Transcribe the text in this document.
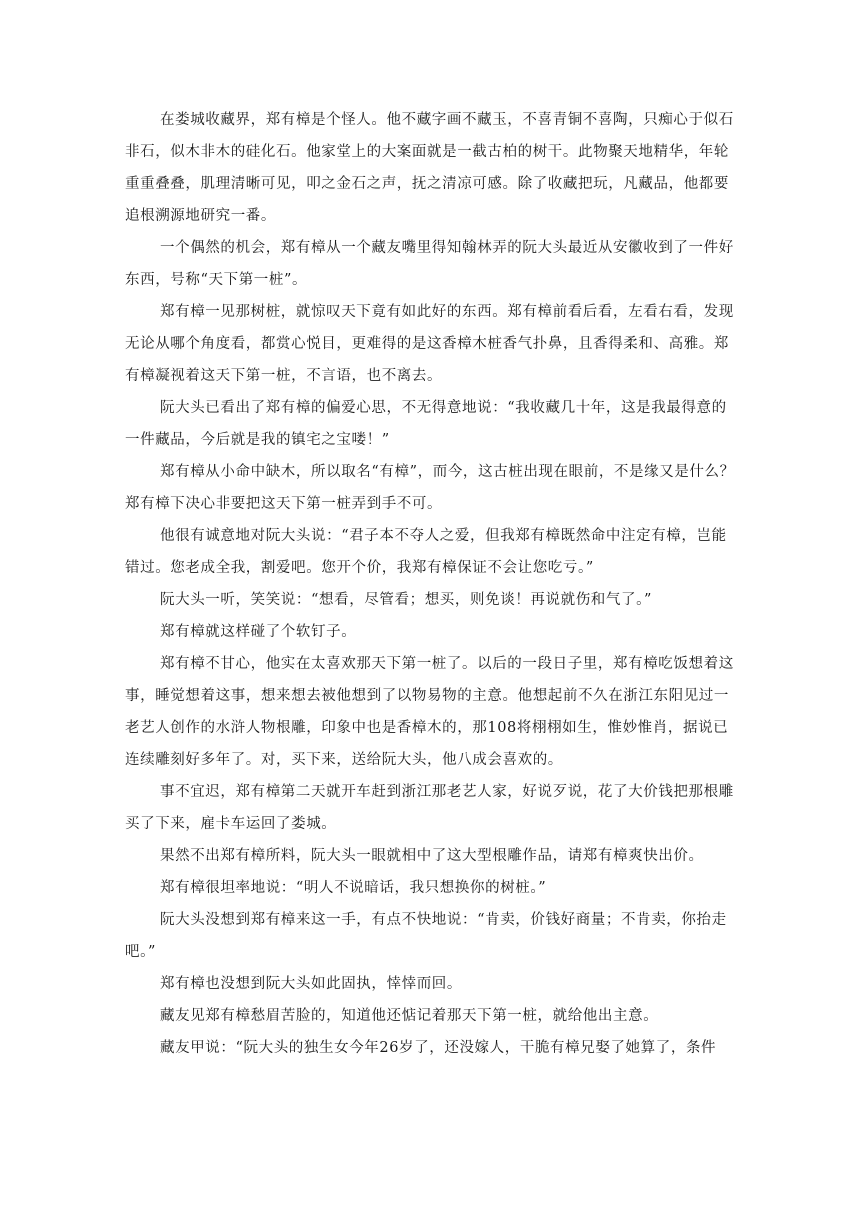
在娄城收藏界，郑有樟是个怪人。他不藏字画不藏玉，不喜青铜不喜陶，只痴心于似石
非石，似木非木的硅化石。他家堂上的大案面就是一截古柏的树干。此物聚天地精华，年轮
重重叠叠，肌理清晰可见，叩之金石之声，抚之清凉可感。除了收藏把玩，凡藏品，他都要
追根溯源地研究一番。
一个偶然的机会，郑有樟从一个藏友嘴里得知翰林弄的阮大头最近从安徽收到了一件好
东西，号称“天下第一桩”。
郑有樟一见那树桩，就惊叹天下竟有如此好的东西。郑有樟前看后看，左看右看，发现
无论从哪个角度看，都赏心悦目，更难得的是这香樟木桩香气扑鼻，且香得柔和、高雅。郑
有樟凝视着这天下第一桩，不言语，也不离去。
阮大头已看出了郑有樟的偏爱心思，不无得意地说：“我收藏几十年，这是我最得意的
一件藏品，今后就是我的镇宅之宝喽！”
郑有樟从小命中缺木，所以取名“有樟”，而今，这古桩出现在眼前，不是缘又是什么？
郑有樟下决心非要把这天下第一桩弄到手不可。
他很有诚意地对阮大头说：“君子本不夺人之爱，但我郑有樟既然命中注定有樟，岂能
错过。您老成全我，割爱吧。您开个价，我郑有樟保证不会让您吃亏。”
阮大头一听，笑笑说：“想看，尽管看；想买，则免谈！再说就伤和气了。”
郑有樟就这样碰了个软钉子。
郑有樟不甘心，他实在太喜欢那天下第一桩了。以后的一段日子里，郑有樟吃饭想着这
事，睡觉想着这事，想来想去被他想到了以物易物的主意。他想起前不久在浙江东阳见过一
老艺人创作的水浒人物根雕，印象中也是香樟木的，那108将栩栩如生，惟妙惟肖，据说已
连续雕刻好多年了。对，买下来，送给阮大头，他八成会喜欢的。
事不宜迟，郑有樟第二天就开车赶到浙江那老艺人家，好说歹说，花了大价钱把那根雕
买了下来，雇卡车运回了娄城。
果然不出郑有樟所料，阮大头一眼就相中了这大型根雕作品，请郑有樟爽快出价。
郑有樟很坦率地说：“明人不说暗话，我只想换你的树桩。”
阮大头没想到郑有樟来这一手，有点不快地说：“肯卖，价钱好商量；不肯卖，你抬走
吧。”
郑有樟也没想到阮大头如此固执，悻悻而回。
藏友见郑有樟愁眉苦脸的，知道他还惦记着那天下第一桩，就给他出主意。
藏友甲说：“阮大头的独生女今年26岁了，还没嫁人，干脆有樟兄娶了她算了，条件
